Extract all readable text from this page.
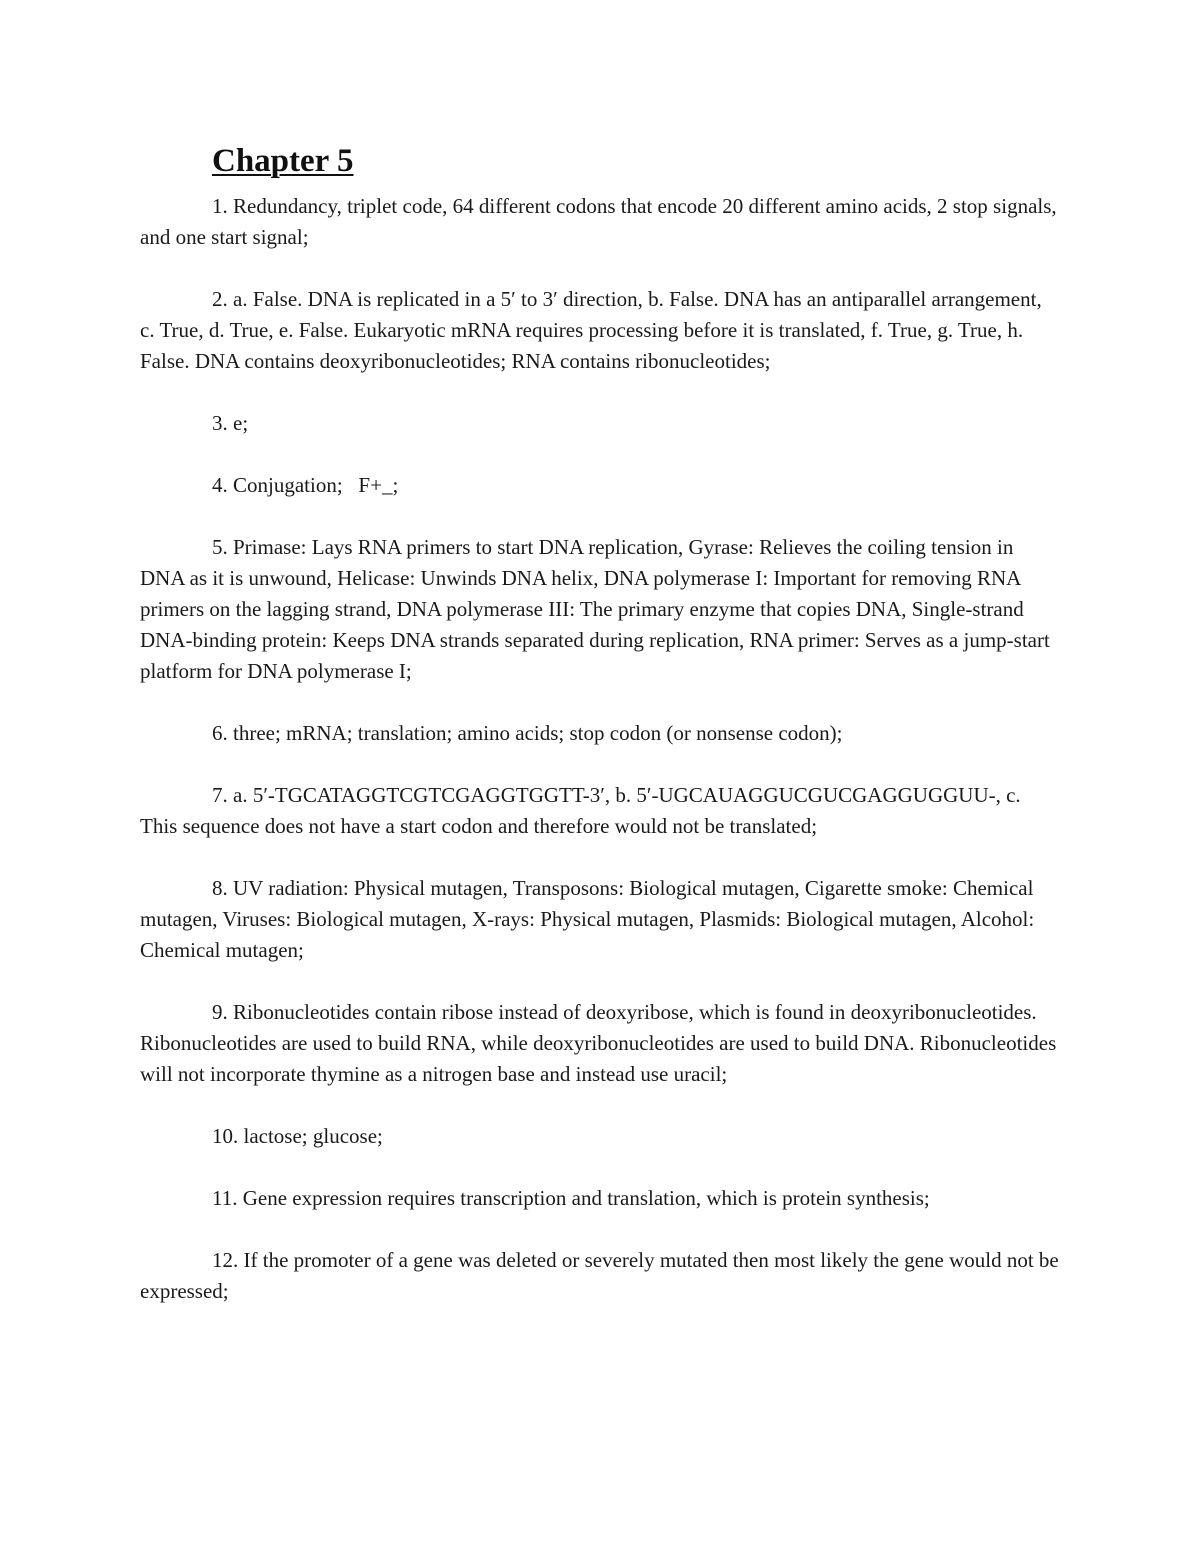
Chapter 5

1. Redundancy, triplet code, 64 different codons that encode 20 different amino acids, 2 stop signals, and one start signal;

2. a. False. DNA is replicated in a 5′ to 3′ direction, b. False. DNA has an antiparallel arrangement, c. True, d. True, e. False. Eukaryotic mRNA requires processing before it is translated, f. True, g. True, h. False. DNA contains deoxyribonucleotides; RNA contains ribonucleotides;

3. e;

4. Conjugation;   F+_;

5. Primase: Lays RNA primers to start DNA replication, Gyrase: Relieves the coiling tension in DNA as it is unwound, Helicase: Unwinds DNA helix, DNA polymerase I: Important for removing RNA primers on the lagging strand, DNA polymerase III: The primary enzyme that copies DNA, Single-strand DNA-binding protein: Keeps DNA strands separated during replication, RNA primer: Serves as a jump-start platform for DNA polymerase I;

6. three; mRNA; translation; amino acids; stop codon (or nonsense codon);

7. a. 5′-TGCATAGGTCGTCGAGGTGGTT-3′, b. 5′-UGCAUAGGUCGUCGAGGUGGUU-, c. This sequence does not have a start codon and therefore would not be translated;

8. UV radiation: Physical mutagen, Transposons: Biological mutagen, Cigarette smoke: Chemical mutagen, Viruses: Biological mutagen, X-rays: Physical mutagen, Plasmids: Biological mutagen, Alcohol: Chemical mutagen;

9. Ribonucleotides contain ribose instead of deoxyribose, which is found in deoxyribonucleotides. Ribonucleotides are used to build RNA, while deoxyribonucleotides are used to build DNA. Ribonucleotides will not incorporate thymine as a nitrogen base and instead use uracil;

10. lactose; glucose;

11. Gene expression requires transcription and translation, which is protein synthesis;

12. If the promoter of a gene was deleted or severely mutated then most likely the gene would not be expressed;
